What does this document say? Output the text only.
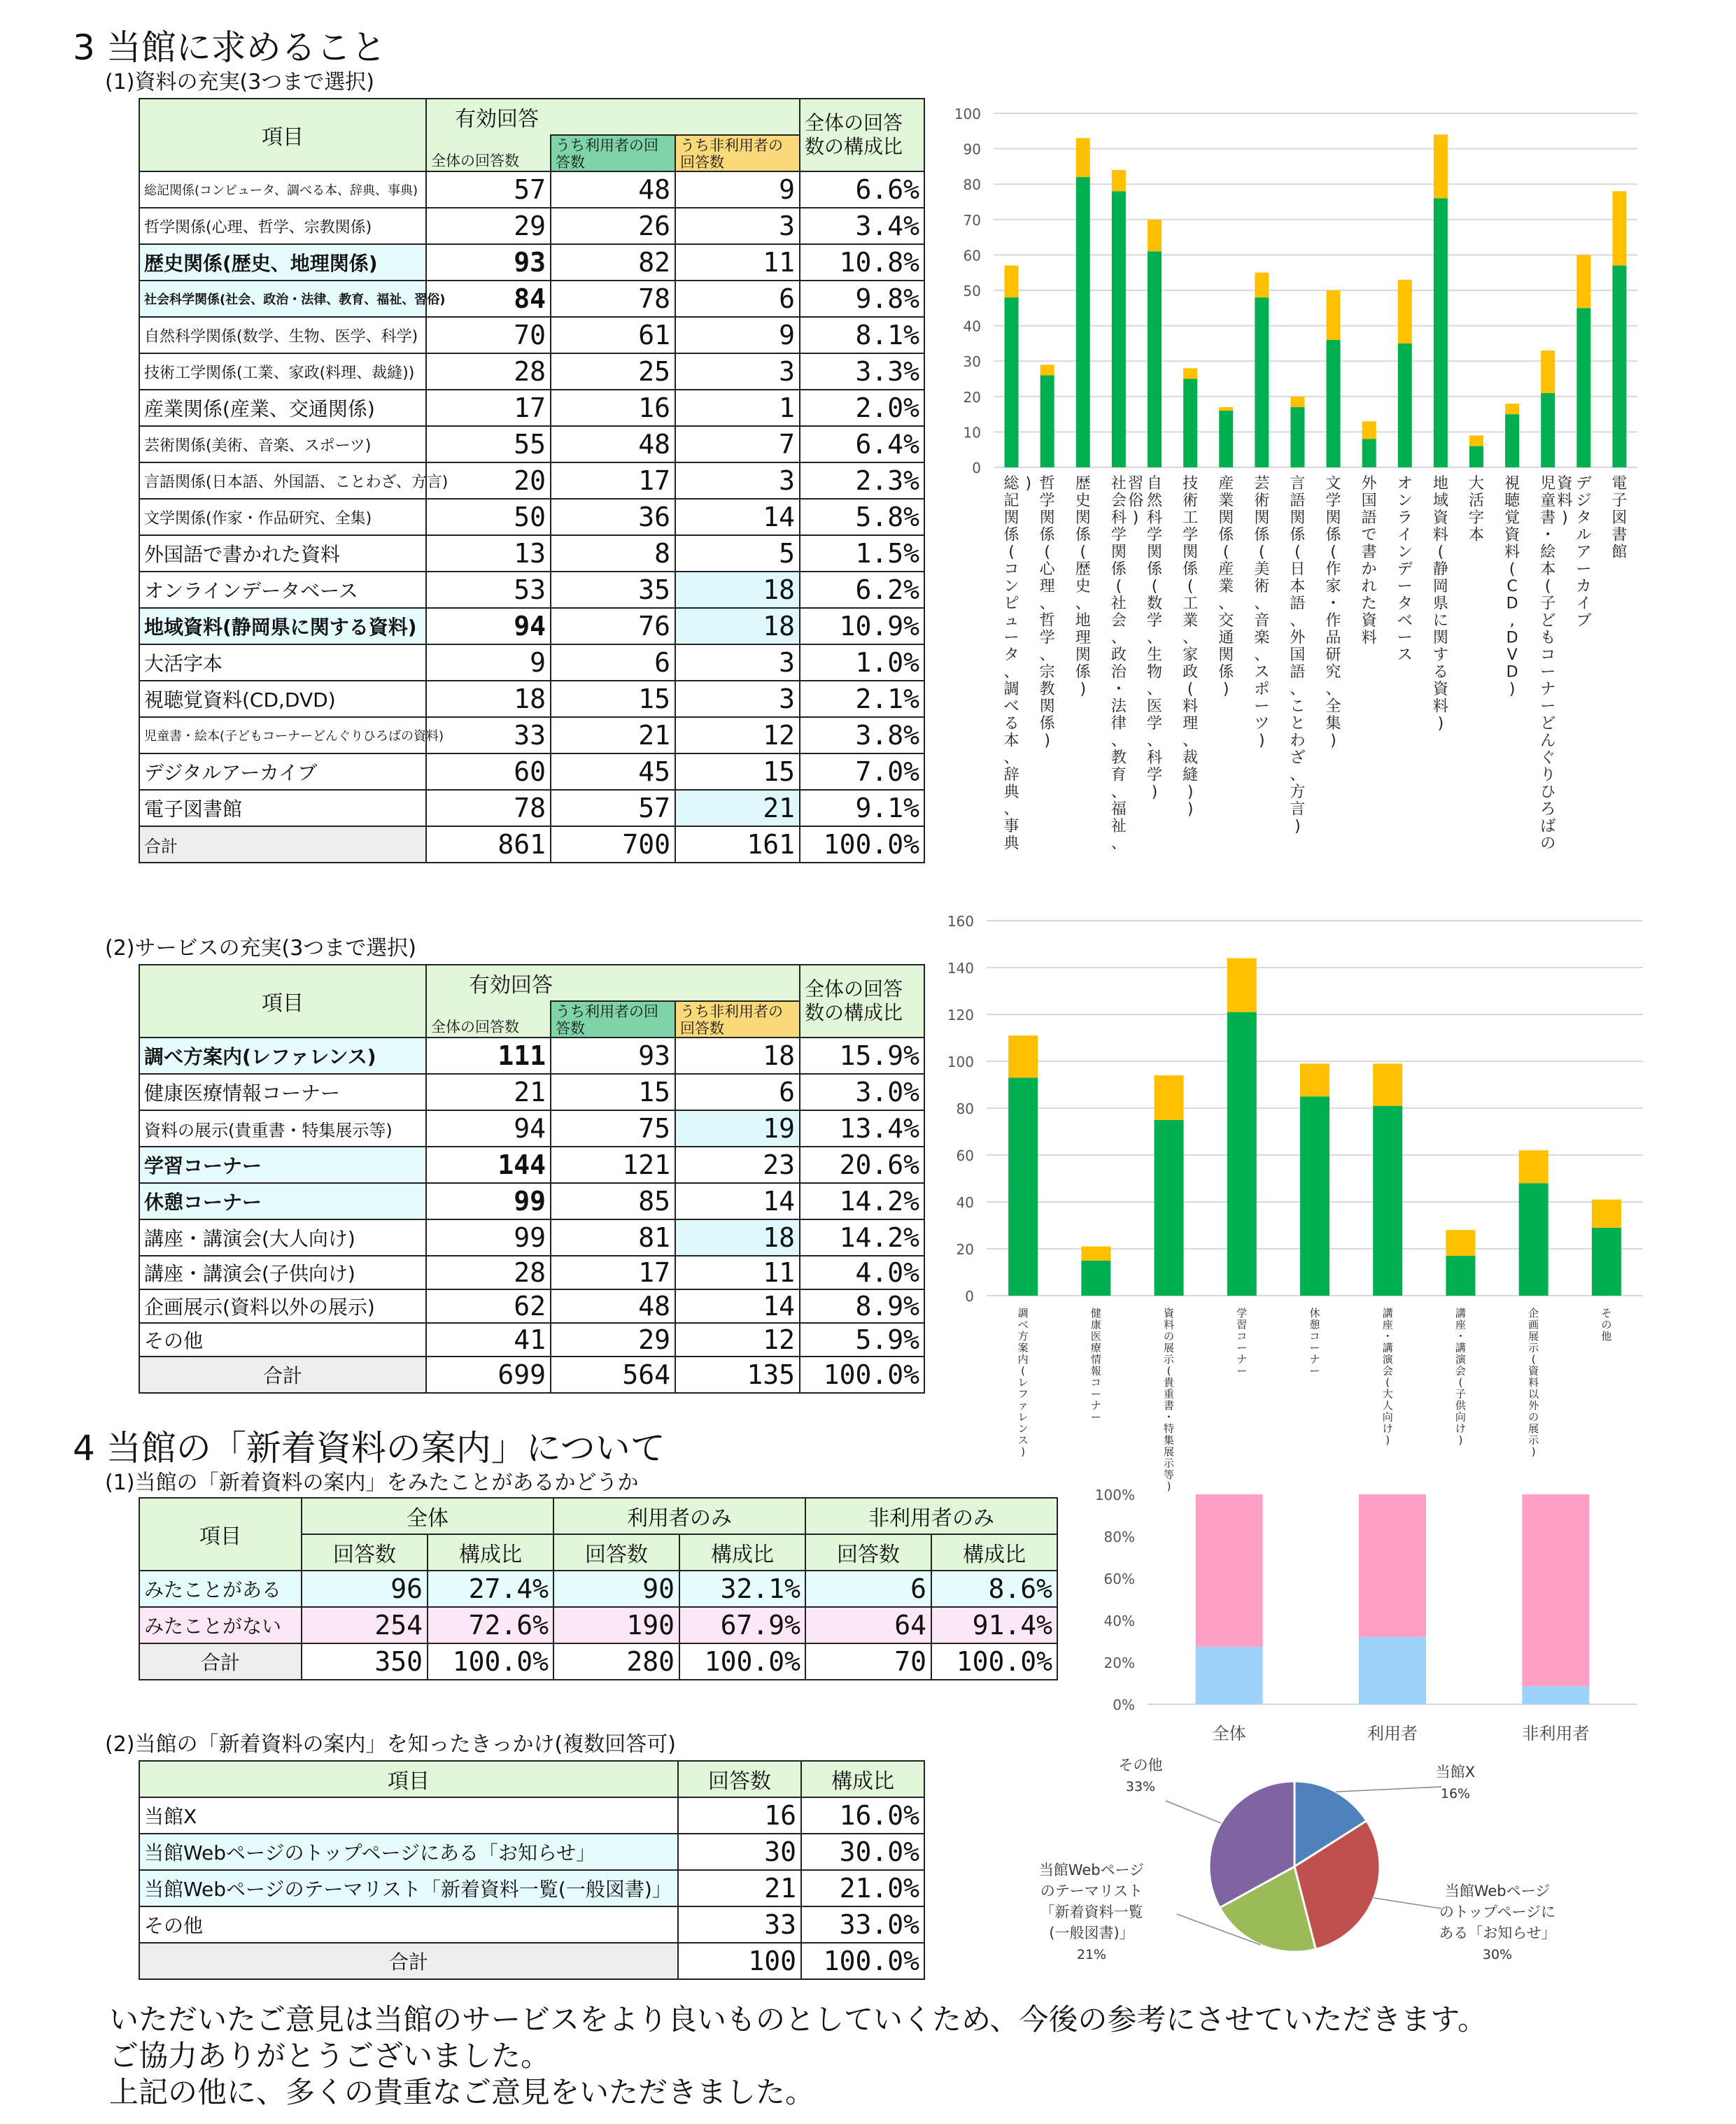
3 当館に求めること
(1)資料の充実(3つまで選択)
項目	有効回答			全体の回答数の構成比
	全体の回答数	うち利用者の回答数	うち非利用者の回答数	
総記関係(コンピュータ、調べる本、辞典、事典)	57	48	9	6.6%
哲学関係(心理、哲学、宗教関係)	29	26	3	3.4%
歴史関係(歴史、地理関係)	93	82	11	10.8%
社会科学関係(社会、政治・法律、教育、福祉、習俗)	84	78	6	9.8%
自然科学関係(数学、生物、医学、科学)	70	61	9	8.1%
技術工学関係(工業、家政(料理、裁縫))	28	25	3	3.3%
産業関係(産業、交通関係)	17	16	1	2.0%
芸術関係(美術、音楽、スポーツ)	55	48	7	6.4%
言語関係(日本語、外国語、ことわざ、方言)	20	17	3	2.3%
文学関係(作家・作品研究、全集)	50	36	14	5.8%
外国語で書かれた資料	13	8	5	1.5%
オンラインデータベース	53	35	18	6.2%
地域資料(静岡県に関する資料)	94	76	18	10.9%
大活字本	9	6	3	1.0%
視聴覚資料(CD,DVD)	18	15	3	2.1%
児童書・絵本(子どもコーナーどんぐりひろばの資料)	33	21	12	3.8%
デジタルアーカイブ	60	45	15	7.0%
電子図書館	78	57	21	9.1%
合計	861	700	161	100.0%
0
10
20
30
40
50
60
70
80
90
100
総記関係(コンピュータ、調べる本、辞典、事典) 哲学関係(心理、哲学、宗教関係)
歴史関係(歴史、地理関係)
社会科学関係(社会、政治・法律、教育、福祉、習俗)
自然科学関係(数学、生物、医学、科学)
技術工学関係(工業、家政(料理、裁縫) )
産業関係(産業、交通関係)
芸術関係(美術、音楽、スポーツ)
言語関係(日本語、外国語、ことわざ、方言)
文学関係(作家・作品研究、全集)
外国語で書かれた資料
オンラインデータベース
地域資料(静岡県に関する資料)
大活字本
視聴覚資料( C D , D V D )
児童書・絵本(子どもコーナーどんぐりひろばの資料)
デジタルアーカイブ
電子図書館
(2)サービスの充実(3つまで選択)
項目	有効回答			全体の回答数の構成比
	全体の回答数	うち利用者の回答数	うち非利用者の回答数	
調べ方案内(レファレンス)	111	93	18	15.9%
健康医療情報コーナー	21	15	6	3.0%
資料の展示(貴重書・特集展示等)	94	75	19	13.4%
学習コーナー	144	121	23	20.6%
休憩コーナー	99	85	14	14.2%
講座・講演会(大人向け)	99	81	18	14.2%
講座・講演会(子供向け)	28	17	11	4.0%
企画展示(資料以外の展示)	62	48	14	8.9%
その他	41	29	12	5.9%
合計	699	564	135	100.0%
0
20
40
60
80
100
120
140
160
調べ方案内(レファレンス)
健康医療情報コーナー
資料の展示(貴重書・特集展示等)
学習コーナー
休憩コーナー
講座・講演会(大人向け)
講座・講演会(子供向け)
企画展示(資料以外の展示)
その他
4 当館の「新着資料の案内」について
(1)当館の「新着資料の案内」をみたことがあるかどうか
項目	全体		利用者のみ		非利用者のみ	
	回答数	構成比	回答数	構成比	回答数	構成比
みたことがある	96	27.4%	90	32.1%	6	8.6%
みたことがない	254	72.6%	190	67.9%	64	91.4%
合計	350	100.0%	280	100.0%	70	100.0%
0%
20%
40%
60%
80%
100%
全体	利用者	非利用者
(2)当館の「新着資料の案内」を知ったきっかけ(複数回答可)
項目	回答数	構成比
当館X	16	16.0%
当館Webページのトップページにある「お知らせ」	30	30.0%
当館Webページのテーマリスト「新着資料一覧(一般図書)」	21	21.0%
その他	33	33.0%
合計	100	100.0%
当館X
16%
当館Webページのトップページにある「お知らせ」
30%
当館Webページのテーマリスト「新着資料一覧(一般図書)」
21%
その他
33%
いただいたご意見は当館のサービスをより良いものとしていくため、今後の参考にさせていただきます。
ご協力ありがとうございました。
上記の他に、多くの貴重なご意見をいただきました。
